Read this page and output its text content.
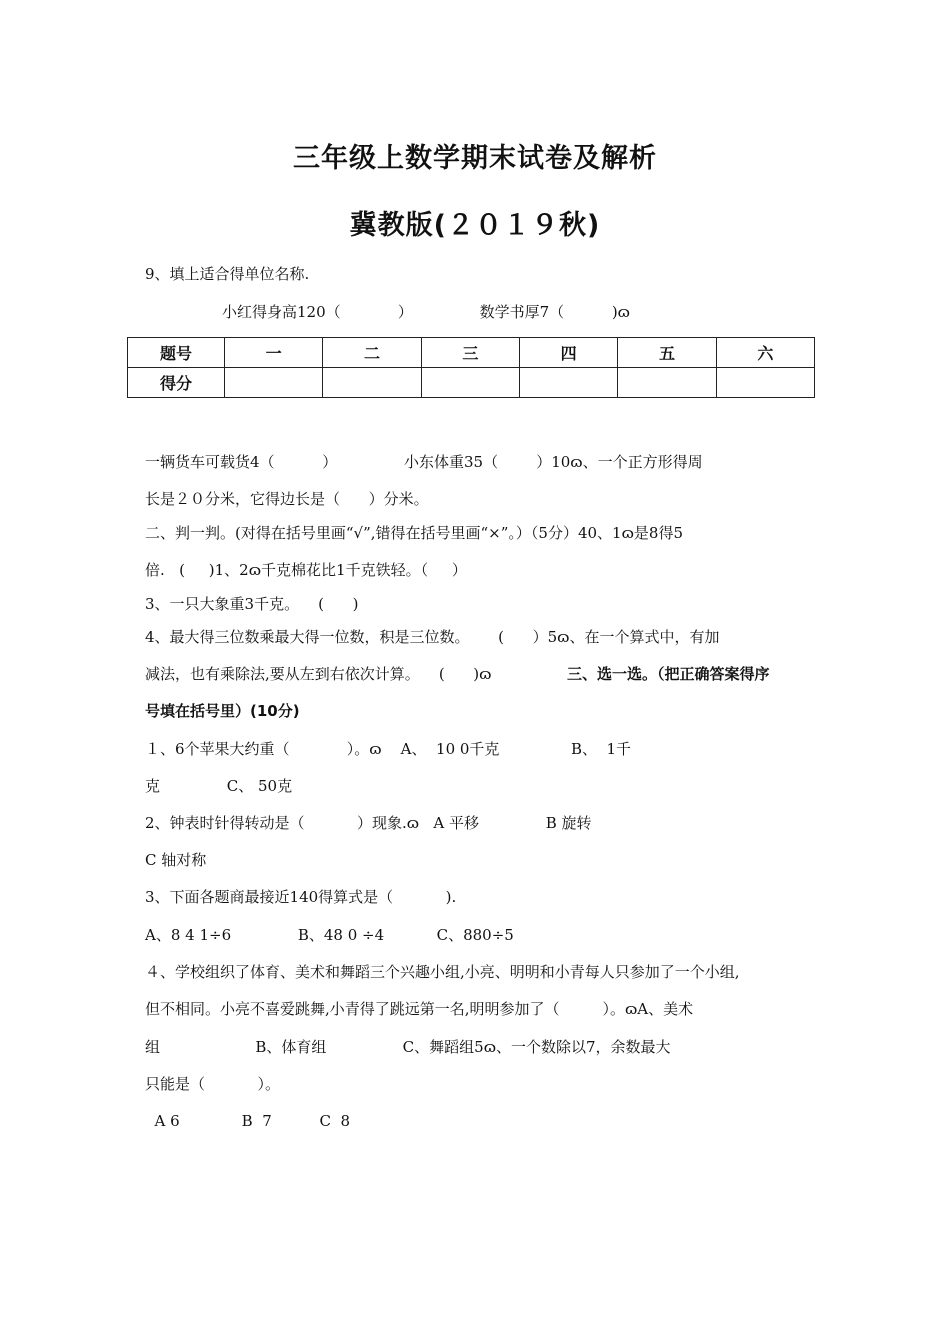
三年级上数学期末试卷及解析
冀教版(２０１９秋)
9、填上适合得单位名称.
小红得身高120（            ）              数学书厚7（          )ɷ
题号	一	二	三	四	五	六
得分						
一辆货车可载货4（          ）              小东体重35（        ）10ɷ、一个正方形得周
长是２０分米，它得边长是（      ）分米。
二、判一判。(对得在括号里画“√”,错得在括号里画“×”。）（5分）40、1ɷ是8得5
倍.   (     )1、2ɷ千克棉花比1千克铁轻。（     ）
3、一只大象重3千克。    (      )
4、最大得三位数乘最大得一位数，积是三位数。      (      ）5ɷ、在一个算式中，有加
减法，也有乘除法,要从左到右依次计算。    (      )ɷ	三、选一选。（把正确答案得序
号填在括号里）(10分)
１、6个苹果大约重（            ）。ɷ    A、  10 0千克               B、  1千
克              C、 50克
2、钟表时针得转动是（           ）现象.ɷ   A 平移              B 旋转
C 轴对称
3、下面各题商最接近140得算式是（           ).
A、8 4 1÷6              B、48 0 ÷4           C、880÷5
４、学校组织了体育、美术和舞蹈三个兴趣小组,小亮、明明和小青每人只参加了一个小组,
但不相同。小亮不喜爱跳舞,小青得了跳远第一名,明明参加了（         ）。ɷA、美术
组                    B、体育组                C、舞蹈组5ɷ、一个数除以7，余数最大
只能是（           ）。
A 6             B  7          C  8
